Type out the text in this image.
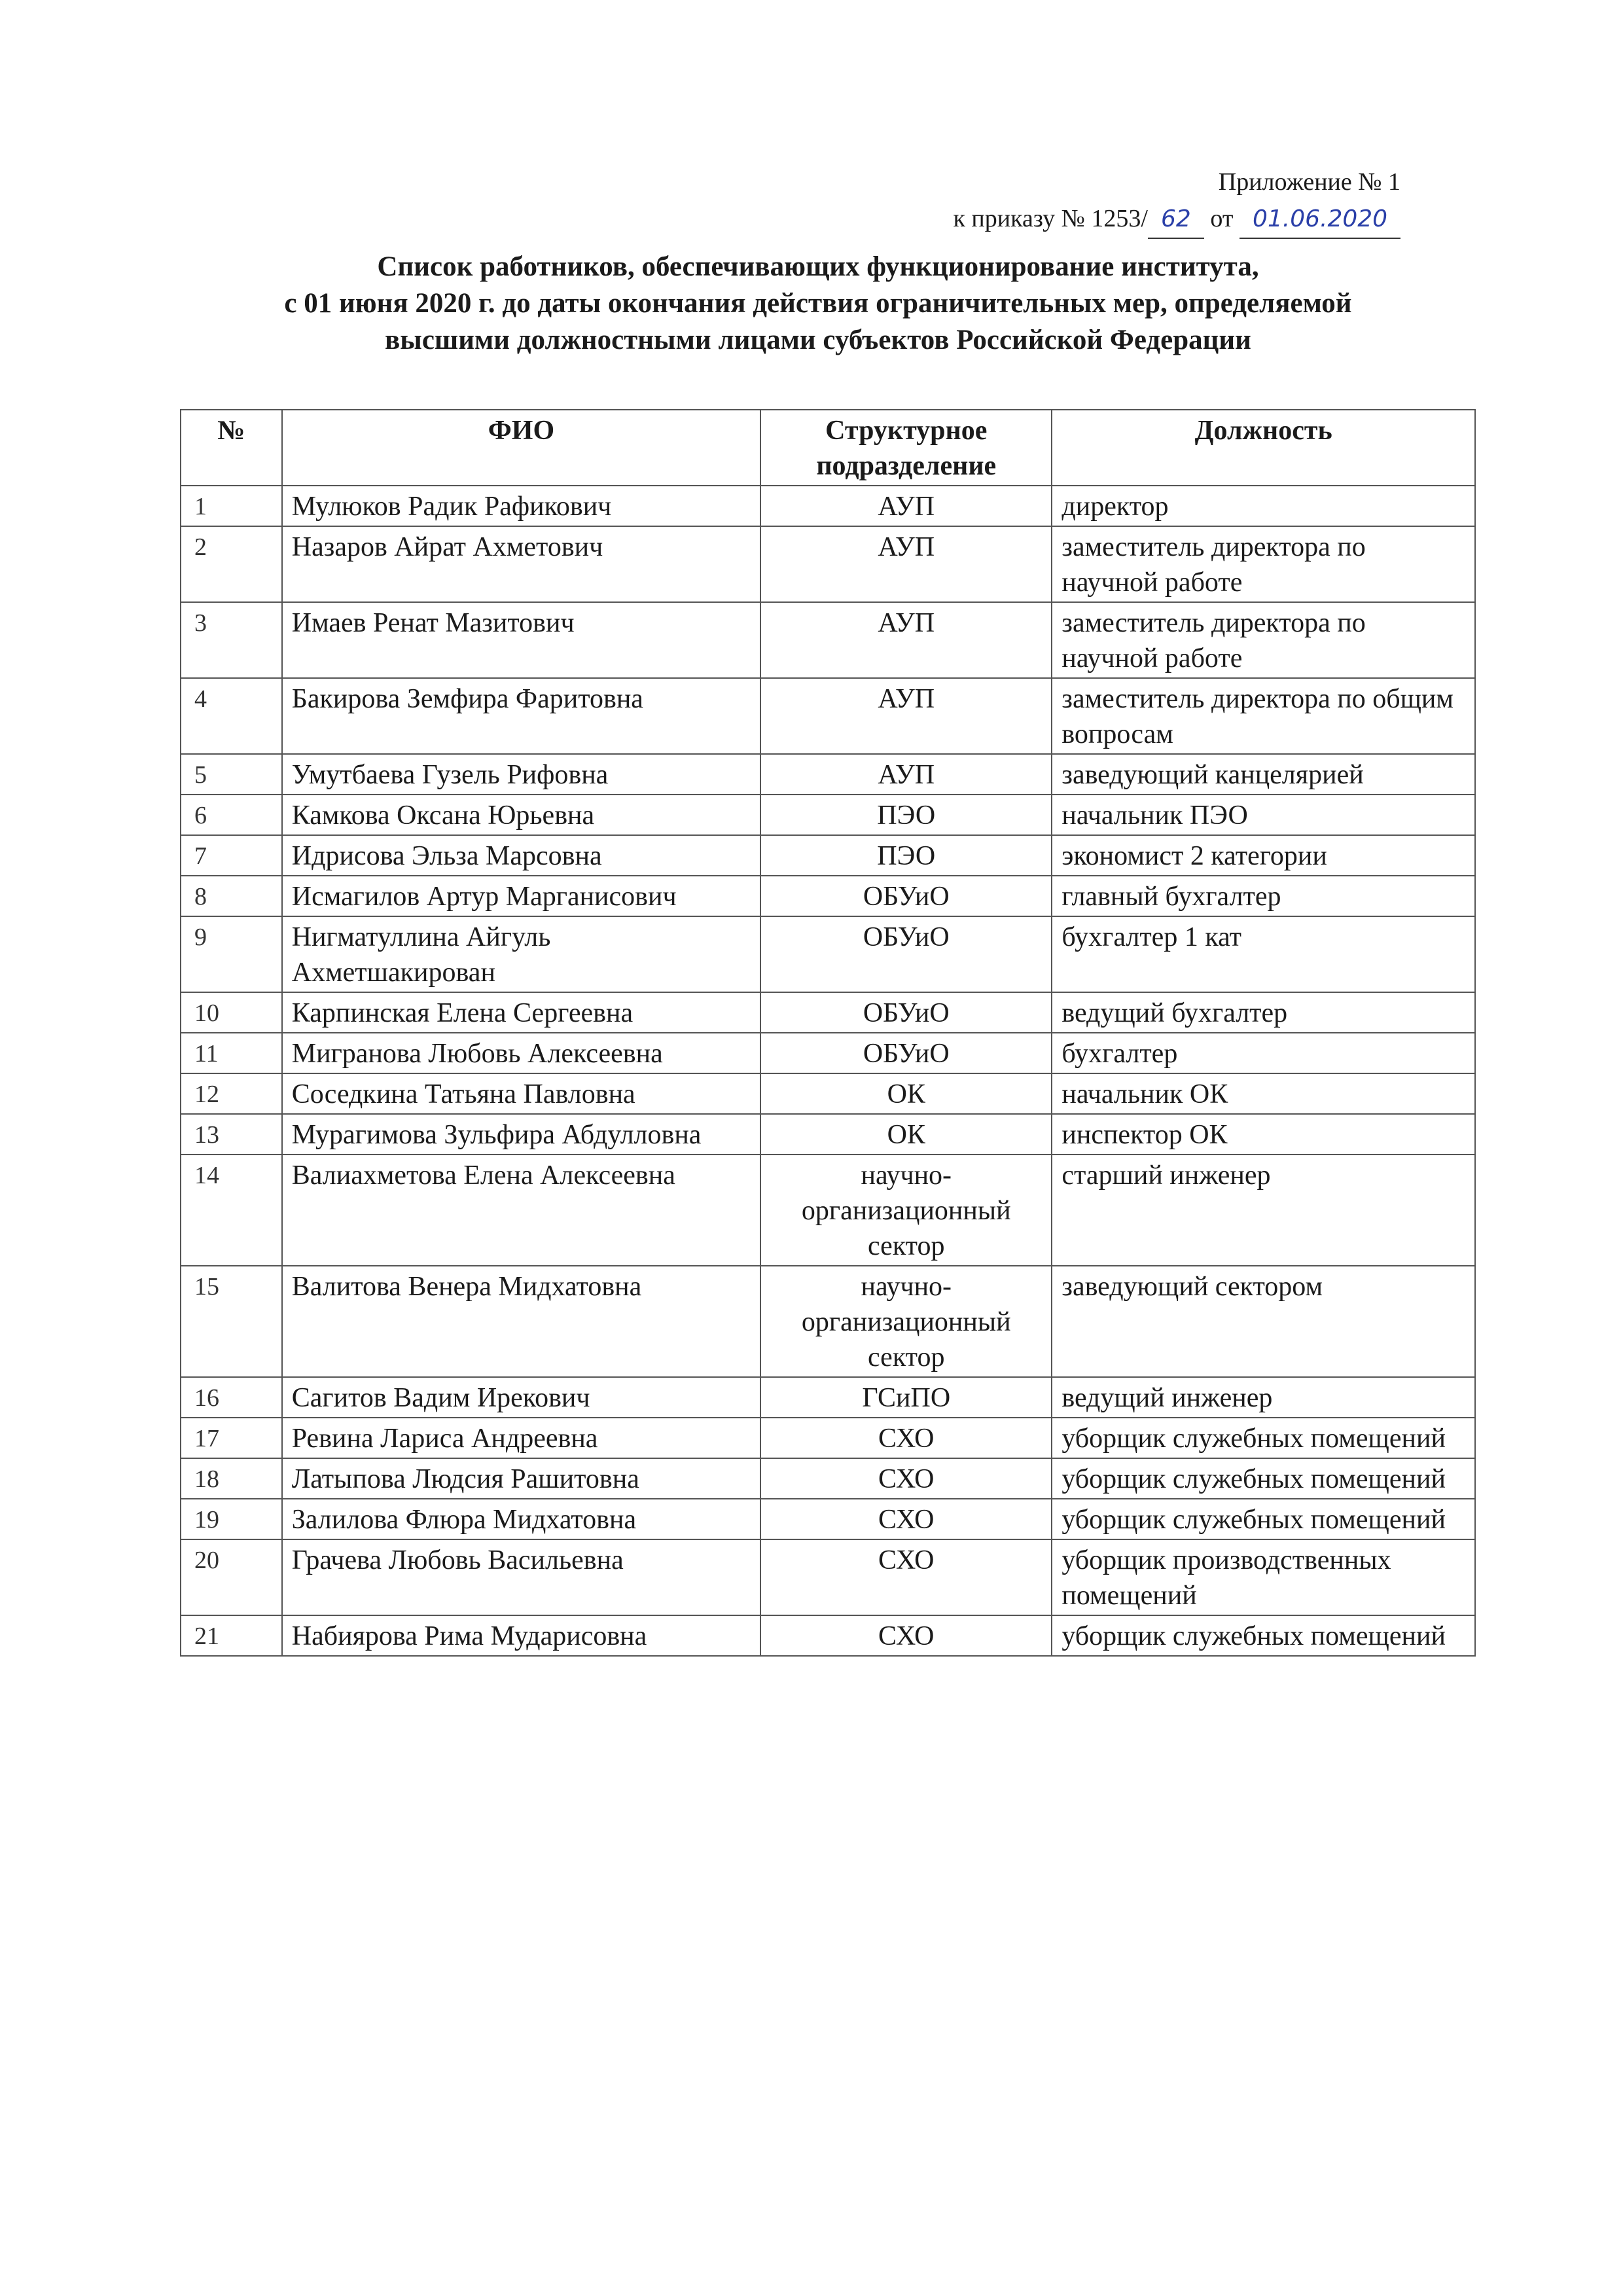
Приложение № 1
к приказу № 1253/ 62 от 01.06.2020
Список работников, обеспечивающих функционирование института,
с 01 июня 2020 г. до даты окончания действия ограничительных мер, определяемой
высшими должностными лицами субъектов Российской Федерации
№	ФИО	Структурное подразделение	Должность
1	Мулюков Радик Рафикович	АУП	директор
2	Назаров Айрат Ахметович	АУП	заместитель директора по научной работе
3	Имаев Ренат Мазитович	АУП	заместитель директора по научной работе
4	Бакирова Земфира Фаритовна	АУП	заместитель директора по общим вопросам
5	Умутбаева Гузель Рифовна	АУП	заведующий канцелярией
6	Камкова Оксана Юрьевна	ПЭО	начальник ПЭО
7	Идрисова Эльза Марсовна	ПЭО	экономист 2 категории
8	Исмагилов Артур Марганисович	ОБУиО	главный бухгалтер
9	Нигматуллина Айгуль Ахметшакирован	ОБУиО	бухгалтер 1 кат
10	Карпинская Елена Сергеевна	ОБУиО	ведущий бухгалтер
11	Мигранова Любовь Алексеевна	ОБУиО	бухгалтер
12	Соседкина Татьяна Павловна	ОК	начальник ОК
13	Мурагимова Зульфира Абдулловна	ОК	инспектор ОК
14	Валиахметова Елена Алексеевна	научно-организационный сектор	старший инженер
15	Валитова Венера Мидхатовна	научно-организационный сектор	заведующий сектором
16	Сагитов Вадим Ирекович	ГСиПО	ведущий инженер
17	Ревина Лариса Андреевна	СХО	уборщик служебных помещений
18	Латыпова Людсия Рашитовна	СХО	уборщик служебных помещений
19	Залилова Флюра Мидхатовна	СХО	уборщик служебных помещений
20	Грачева Любовь Васильевна	СХО	уборщик производственных помещений
21	Набиярова Рима Мударисовна	СХО	уборщик служебных помещений
